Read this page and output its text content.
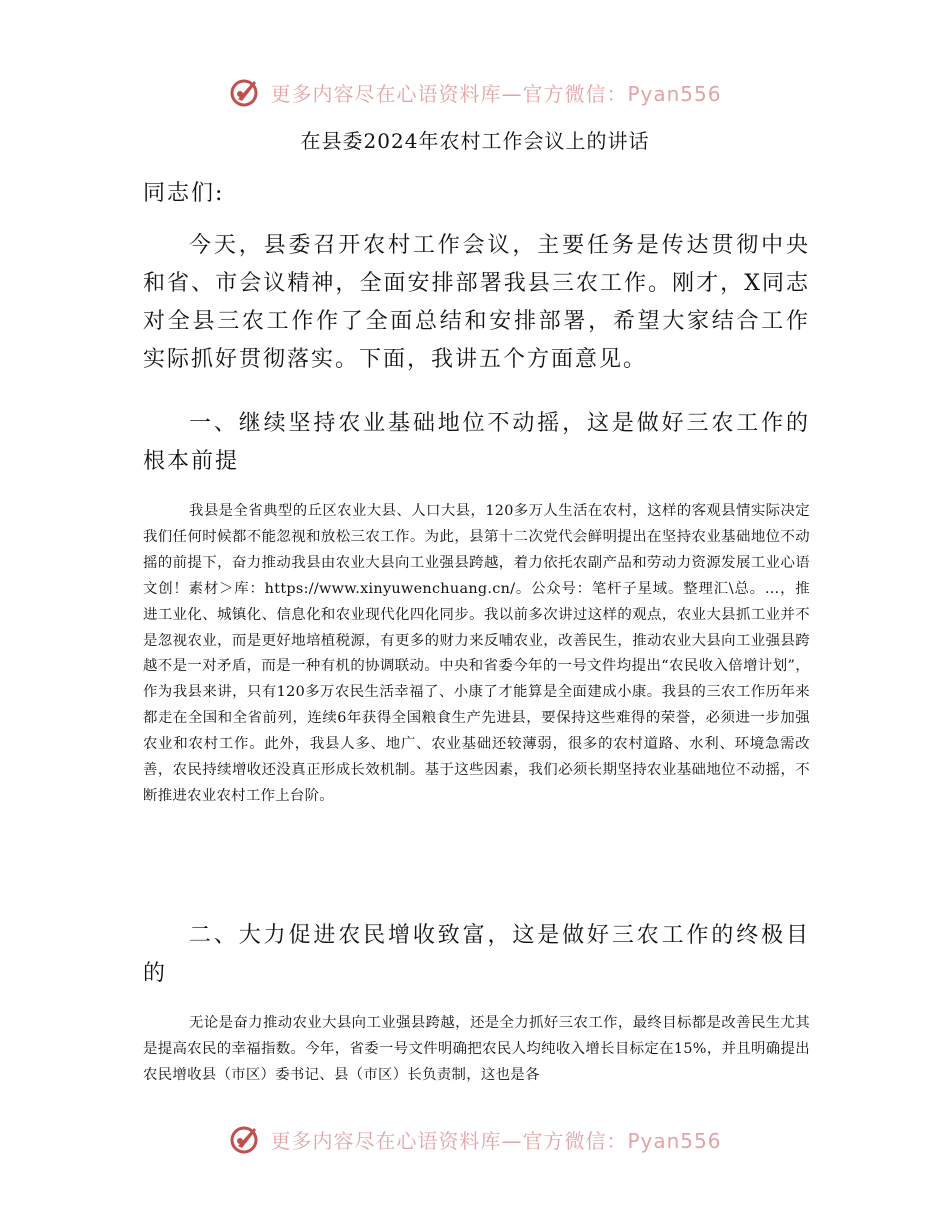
更多内容尽在心语资料库—官方微信：Pyan556
在县委2024年农村工作会议上的讲话

同志们:

今天，县委召开农村工作会议，主要任务是传达贯彻中央和省、市会议精神，全面安排部署我县三农工作。刚才，X同志对全县三农工作作了全面总结和安排部署，希望大家结合工作实际抓好贯彻落实。下面，我讲五个方面意见。

一、继续坚持农业基础地位不动摇，这是做好三农工作的根本前提

我县是全省典型的丘区农业大县、人口大县，120多万人生活在农村，这样的客观县情实际决定我们任何时候都不能忽视和放松三农工作。为此，县第十二次党代会鲜明提出在坚持农业基础地位不动摇的前提下，奋力推动我县由农业大县向工业强县跨越，着力依托农副产品和劳动力资源发展工业心语文创！素材＞库：https://www.xinyuwenchuang.cn/。公众号：笔杆子星域。整理汇\总。…，推进工业化、城镇化、信息化和农业现代化四化同步。我以前多次讲过这样的观点，农业大县抓工业并不是忽视农业，而是更好地培植税源，有更多的财力来反哺农业，改善民生，推动农业大县向工业强县跨越不是一对矛盾，而是一种有机的协调联动。中央和省委今年的一号文件均提出“农民收入倍增计划”，作为我县来讲，只有120多万农民生活幸福了、小康了才能算是全面建成小康。我县的三农工作历年来都走在全国和全省前列，连续6年获得全国粮食生产先进县，要保持这些难得的荣誉，必须进一步加强农业和农村工作。此外，我县人多、地广、农业基础还较薄弱，很多的农村道路、水利、环境急需改善，农民持续增收还没真正形成长效机制。基于这些因素，我们必须长期坚持农业基础地位不动摇，不断推进农业农村工作上台阶。

二、大力促进农民增收致富，这是做好三农工作的终极目的

无论是奋力推动农业大县向工业强县跨越，还是全力抓好三农工作，最终目标都是改善民生尤其是提高农民的幸福指数。今年，省委一号文件明确把农民人均纯收入增长目标定在15%，并且明确提出农民增收县（市区）委书记、县（市区）长负责制，这也是各

更多内容尽在心语资料库—官方微信：Pyan556
